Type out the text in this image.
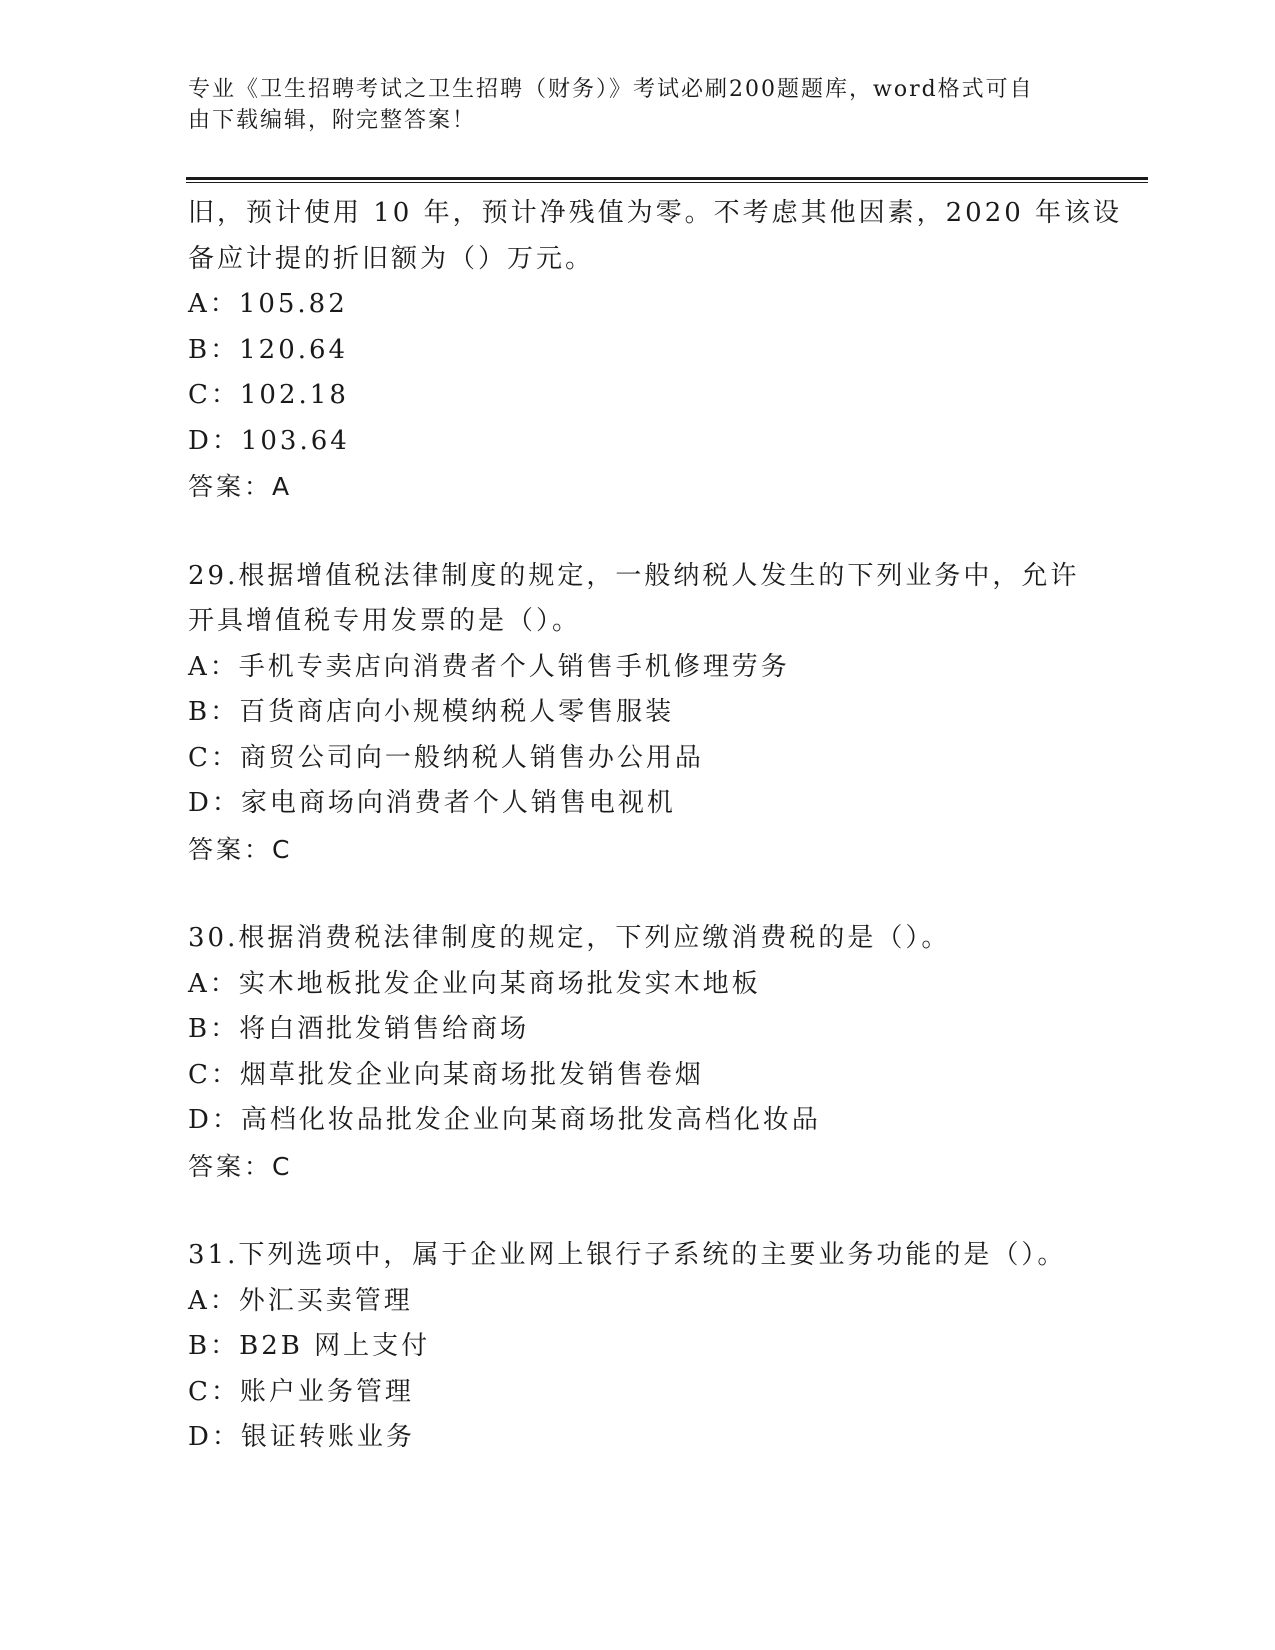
专业《卫生招聘考试之卫生招聘（财务）》考试必刷200题题库，word格式可自
由下载编辑，附完整答案！
旧，预计使用 10 年，预计净残值为零。不考虑其他因素，2020 年该设
备应计提的折旧额为（）万元。
A：105.82
B：120.64
C：102.18
D：103.64
答案：A
29.根据增值税法律制度的规定，一般纳税人发生的下列业务中，允许
开具增值税专用发票的是（）。
A：手机专卖店向消费者个人销售手机修理劳务
B：百货商店向小规模纳税人零售服装
C：商贸公司向一般纳税人销售办公用品
D：家电商场向消费者个人销售电视机
答案：C
30.根据消费税法律制度的规定，下列应缴消费税的是（）。
A：实木地板批发企业向某商场批发实木地板
B：将白酒批发销售给商场
C：烟草批发企业向某商场批发销售卷烟
D：高档化妆品批发企业向某商场批发高档化妆品
答案：C
31.下列选项中，属于企业网上银行子系统的主要业务功能的是（）。
A：外汇买卖管理
B：B2B 网上支付
C：账户业务管理
D：银证转账业务
